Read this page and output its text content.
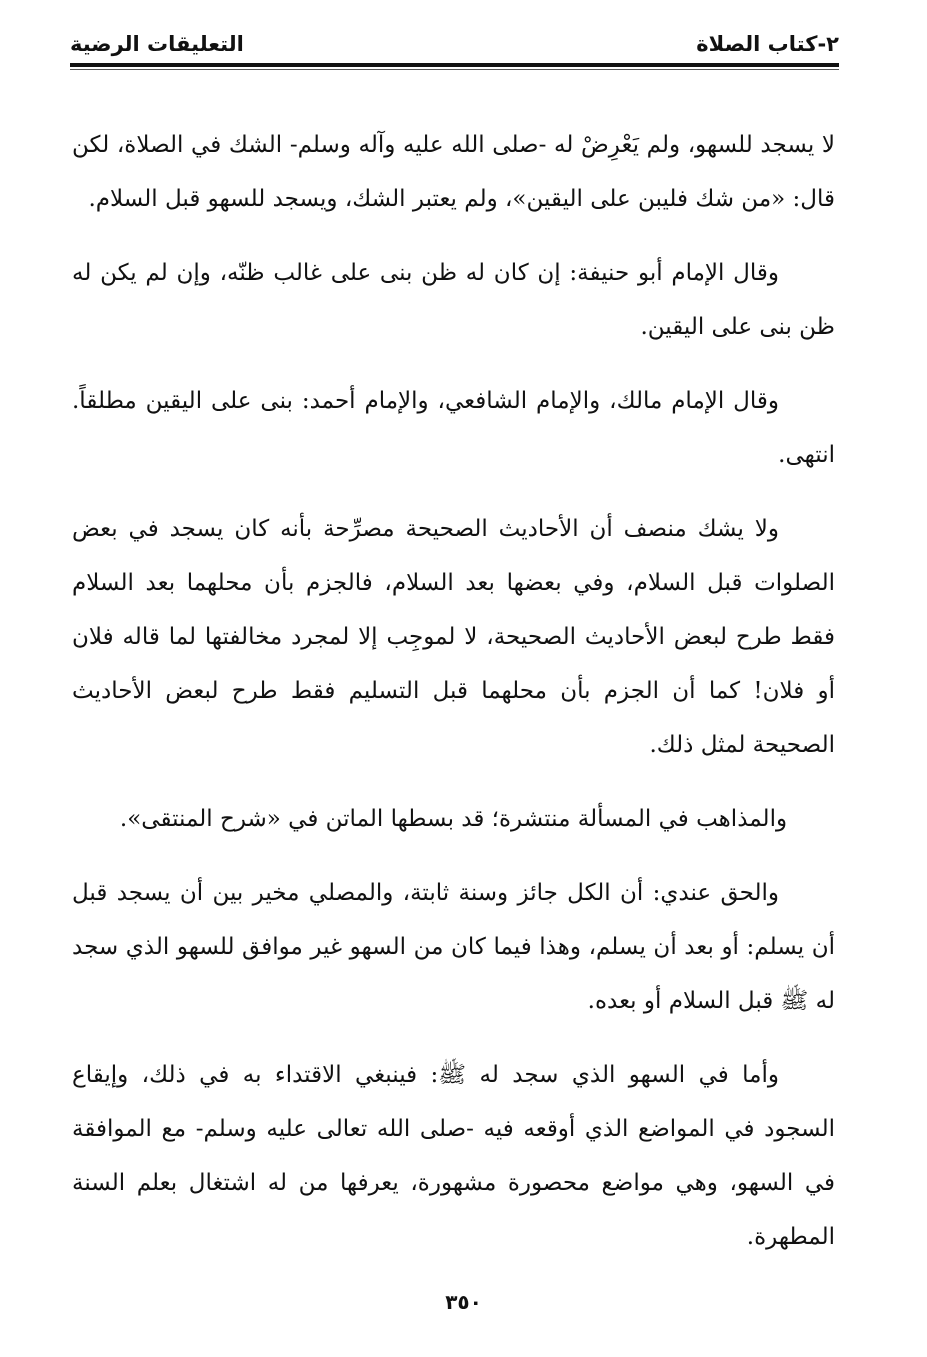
٢-كتاب الصلاة
التعليقات الرضية

لا يسجد للسهو، ولم يَعْرِضْ له -صلى الله عليه وآله وسلم- الشك في الصلاة، لكن قال: «من شك فليبن على اليقين»، ولم يعتبر الشك، ويسجد للسهو قبل السلام.

وقال الإمام أبو حنيفة: إن كان له ظن بنى على غالب ظنّه، وإن لم يكن له ظن بنى على اليقين.

وقال الإمام مالك، والإمام الشافعي، والإمام أحمد: بنى على اليقين مطلقاً. انتهى.

ولا يشك منصف أن الأحاديث الصحيحة مصرِّحة بأنه كان يسجد في بعض الصلوات قبل السلام، وفي بعضها بعد السلام، فالجزم بأن محلهما بعد السلام فقط طرح لبعض الأحاديث الصحيحة، لا لموجِب إلا لمجرد مخالفتها لما قاله فلان أو فلان! كما أن الجزم بأن محلهما قبل التسليم فقط طرح لبعض الأحاديث الصحيحة لمثل ذلك.

والمذاهب في المسألة منتشرة؛ قد بسطها الماتن في «شرح المنتقى».

والحق عندي: أن الكل جائز وسنة ثابتة، والمصلي مخير بين أن يسجد قبل أن يسلم: أو بعد أن يسلم، وهذا فيما كان من السهو غير موافق للسهو الذي سجد له ﷺ قبل السلام أو بعده.

وأما في السهو الذي سجد له ﷺ: فينبغي الاقتداء به في ذلك، وإيقاع السجود في المواضع الذي أوقعه فيه -صلى الله تعالى عليه وسلم- مع الموافقة في السهو، وهي مواضع محصورة مشهورة، يعرفها من له اشتغال بعلم السنة المطهرة.

٣٥٠
